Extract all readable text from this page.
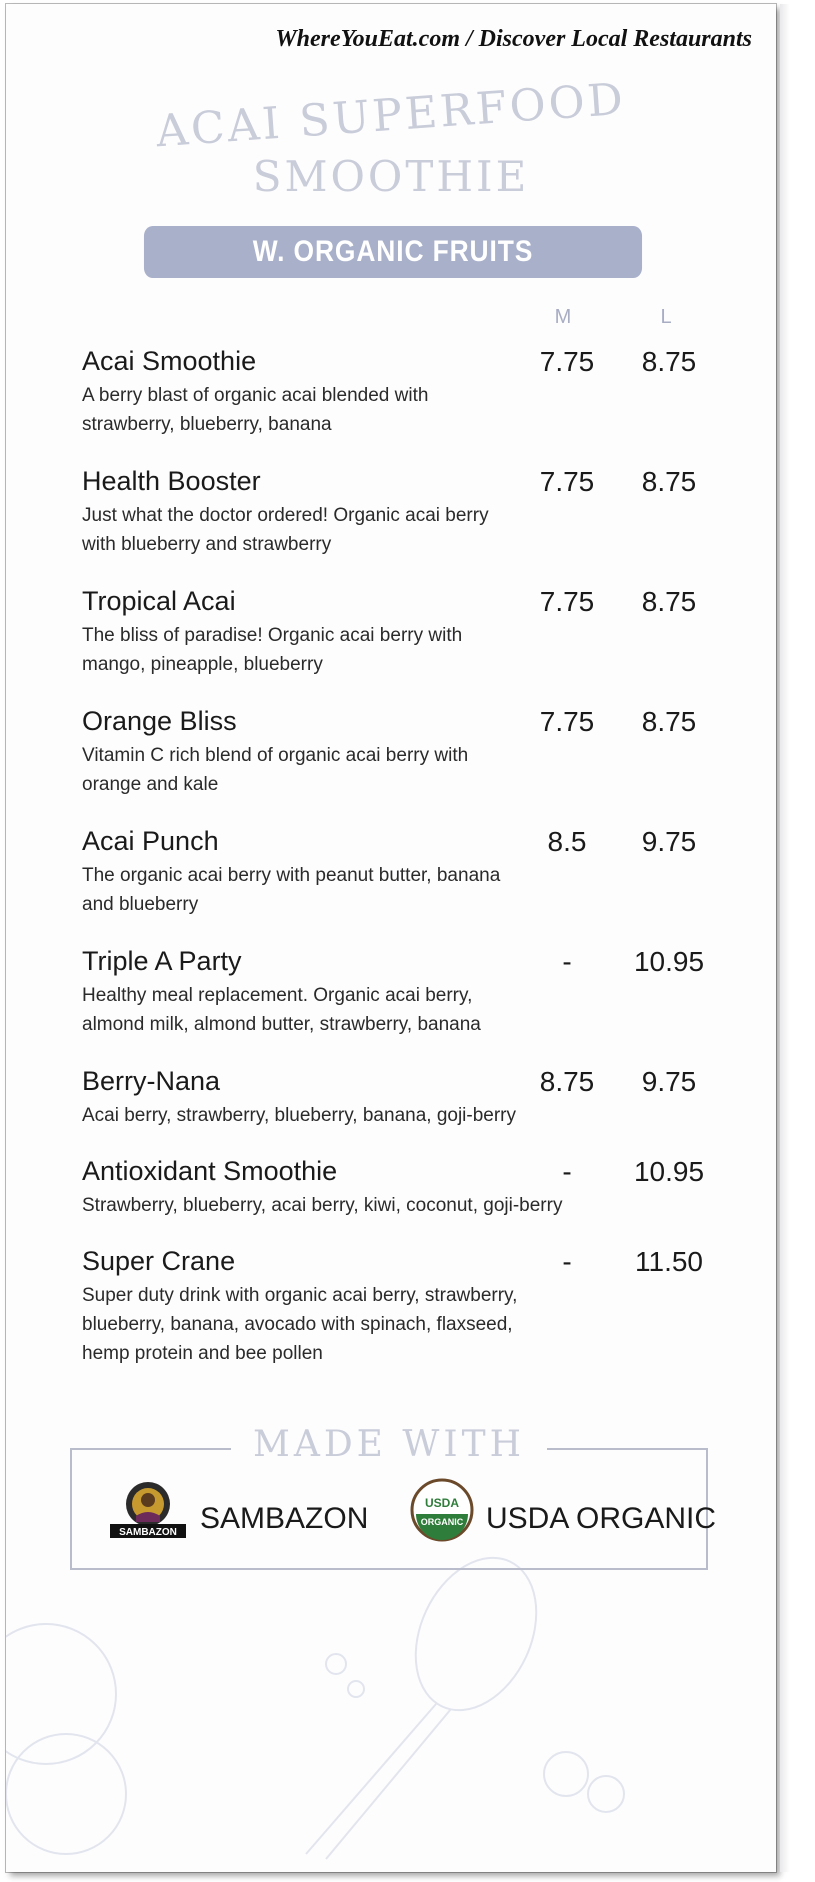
WhereYouEat.com / Discover Local Restaurants
ACAI SUPERFOOD
SMOOTHIE
W. ORGANIC FRUITS
M	L
Acai Smoothie
A berry blast of organic acai blended with
strawberry, blueberry, banana
7.75	8.75
Health Booster
Just what the doctor ordered! Organic acai berry
with blueberry and strawberry
7.75	8.75
Tropical Acai
The bliss of paradise! Organic acai berry with
mango, pineapple, blueberry
7.75	8.75
Orange Bliss
Vitamin C rich blend of organic acai berry with
orange and kale
7.75	8.75
Acai Punch
The organic acai berry with peanut butter, banana
and blueberry
8.5	9.75
Triple A Party
Healthy meal replacement. Organic acai berry,
almond milk, almond butter, strawberry, banana
-	10.95
Berry-Nana
Acai berry, strawberry, blueberry, banana, goji-berry
8.75	9.75
Antioxidant Smoothie
Strawberry, blueberry, acai berry, kiwi, coconut, goji-berry
-	10.95
Super Crane
Super duty drink with organic acai berry, strawberry,
blueberry, banana, avocado with spinach, flaxseed,
hemp protein and bee pollen
-	11.50
MADE WITH
SAMBAZON SAMBAZON	USDA
ORGANIC USDA ORGANIC
